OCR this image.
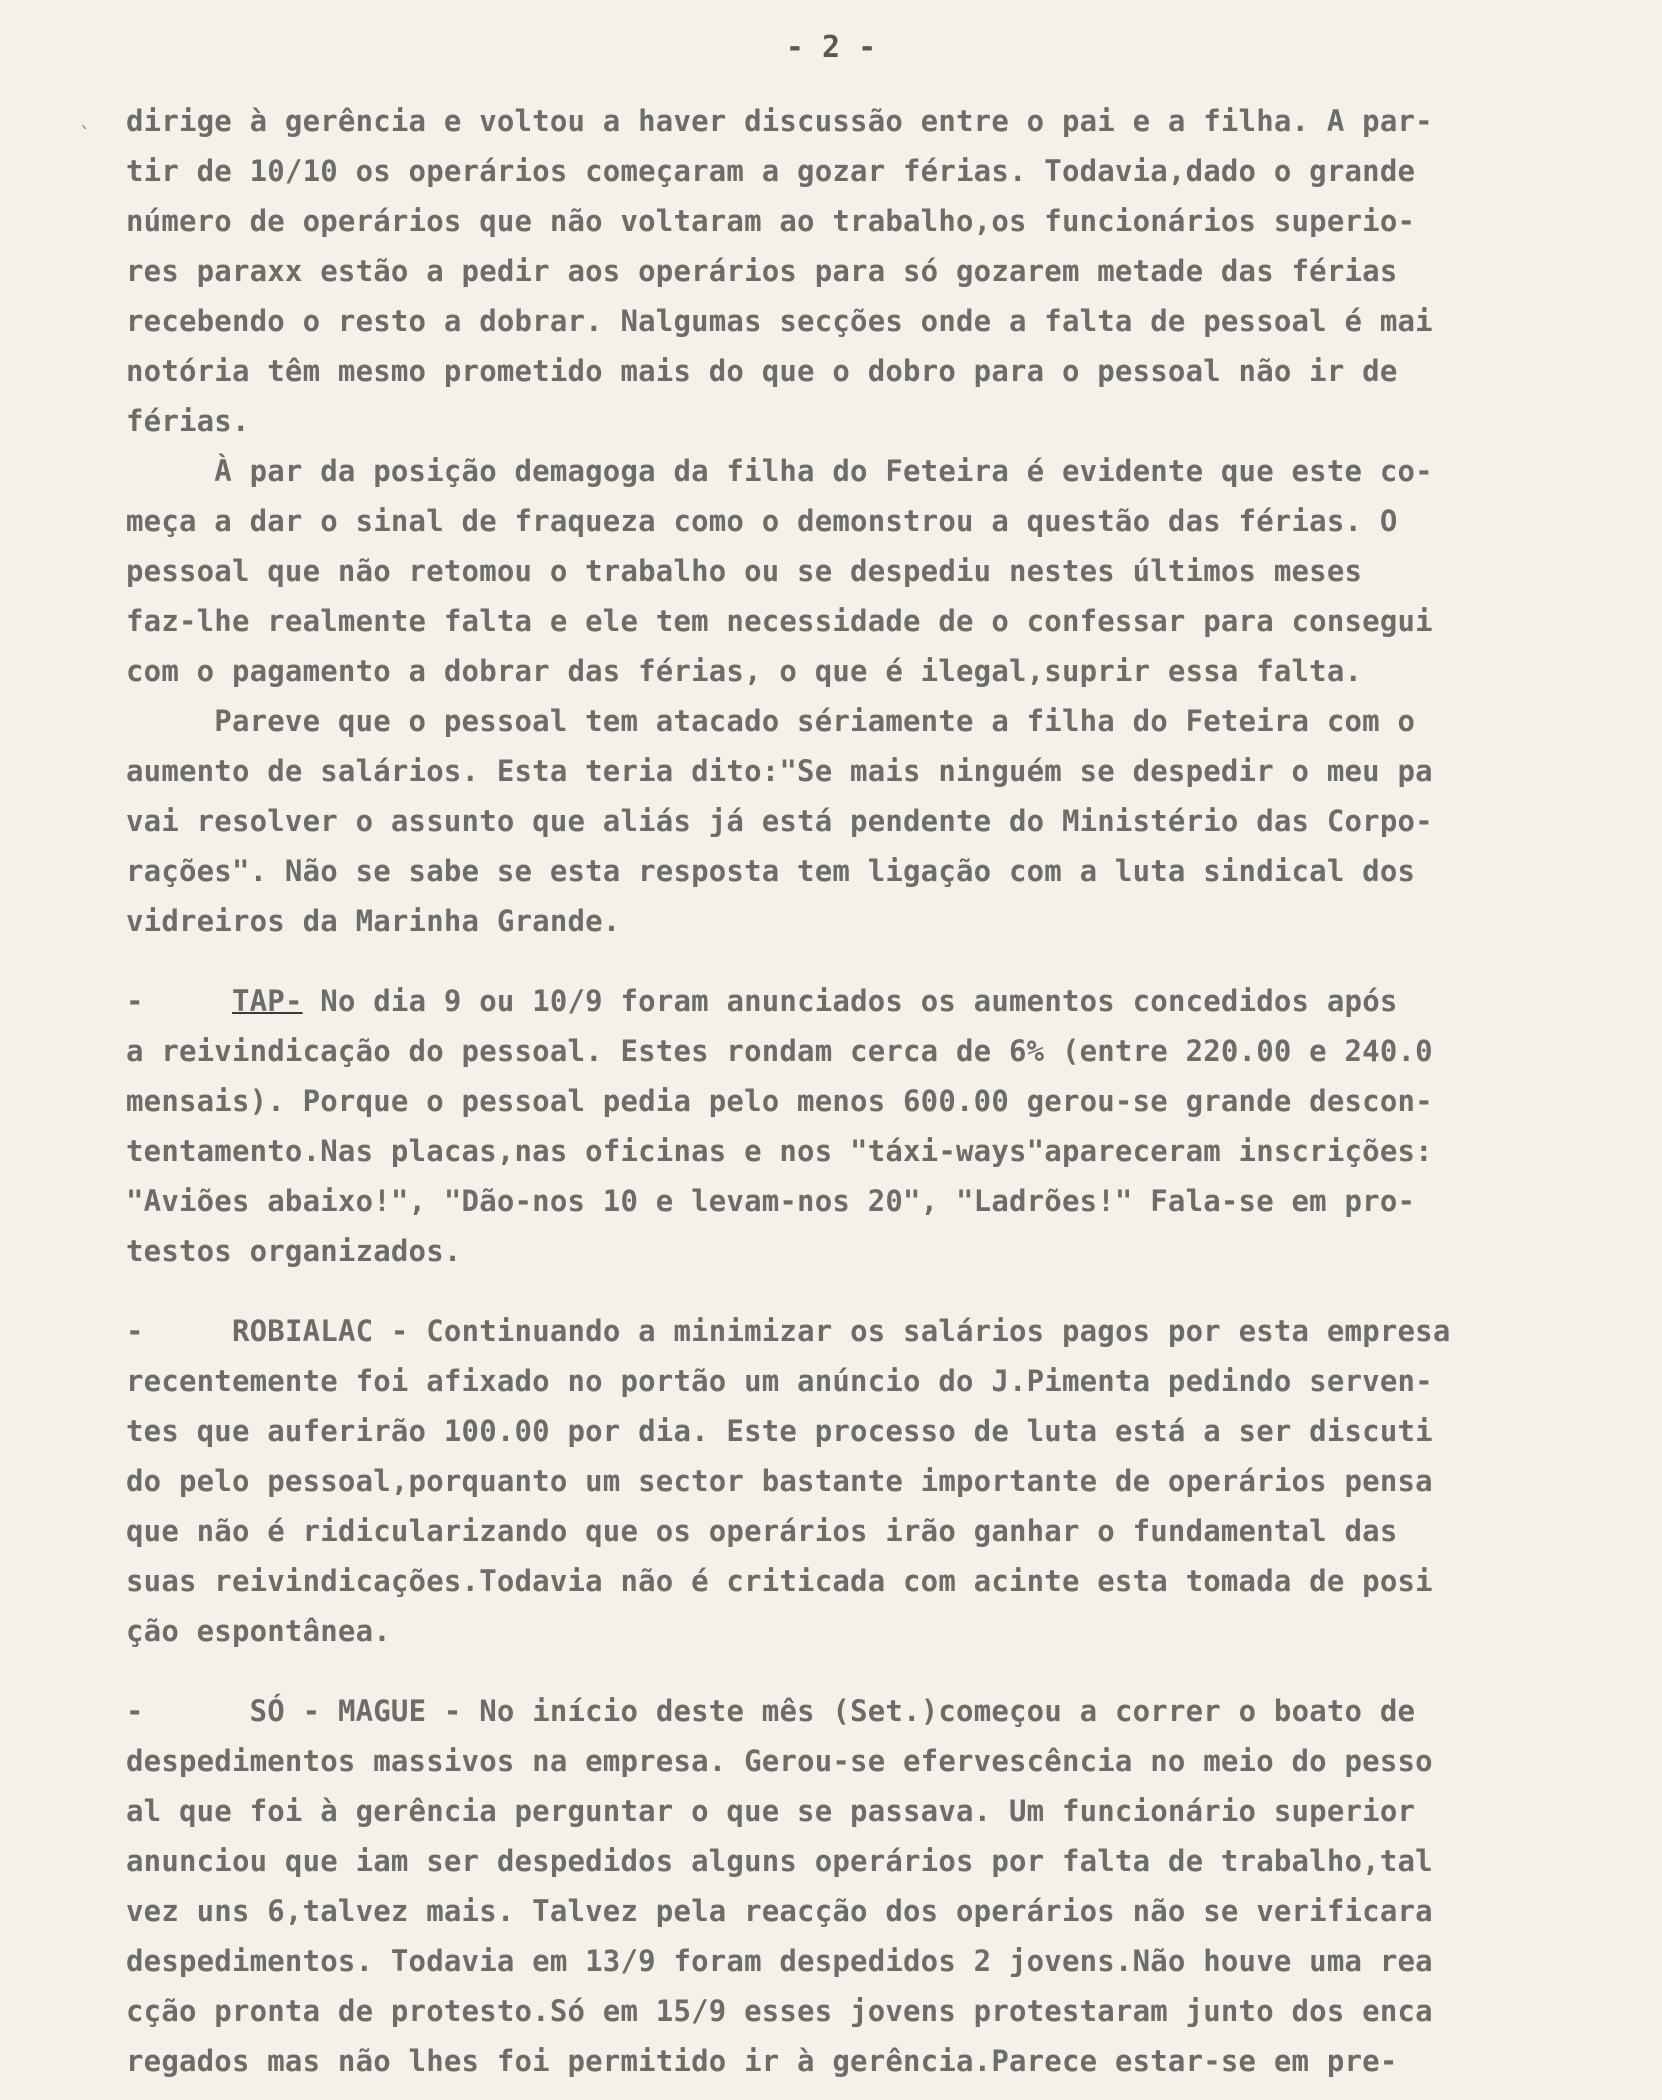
- 2 -
ˎ dirige à gerência e voltou a haver discussão entre o pai e a filha. A par-
tir de 10/10 os operários começaram a gozar férias. Todavia,dado o grande
número de operários que não voltaram ao trabalho,os funcionários superio-
res paraxx estão a pedir aos operários para só gozarem metade das férias
recebendo o resto a dobrar. Nalgumas secções onde a falta de pessoal é mai
notória têm mesmo prometido mais do que o dobro para o pessoal não ir de
férias.
À par da posição demagoga da filha do Feteira é evidente que este co-
meça a dar o sinal de fraqueza como o demonstrou a questão das férias. O
pessoal que não retomou o trabalho ou se despediu nestes últimos meses
faz-lhe realmente falta e ele tem necessidade de o confessar para consegui
com o pagamento a dobrar das férias, o que é ilegal,suprir essa falta.
Pareve que o pessoal tem atacado sériamente a filha do Feteira com o
aumento de salários. Esta teria dito:"Se mais ninguém se despedir o meu pa
vai resolver o assunto que aliás já está pendente do Ministério das Corpo-
rações". Não se sabe se esta resposta tem ligação com a luta sindical dos
vidreiros da Marinha Grande.
-	TAP- No dia 9 ou 10/9 foram anunciados os aumentos concedidos após
a reivindicação do pessoal. Estes rondam cerca de 6% (entre 220.00 e 240.0
mensais). Porque o pessoal pedia pelo menos 600.00 gerou-se grande descon-
tentamento.Nas placas,nas oficinas e nos "táxi-ways"apareceram inscrições:
"Aviões abaixo!", "Dão-nos 10 e levam-nos 20", "Ladrões!" Fala-se em pro-
testos organizados.
-	ROBIALAC - Continuando a minimizar os salários pagos por esta empresa
recentemente foi afixado no portão um anúncio do J.Pimenta pedindo serven-
tes que auferirão 100.00 por dia. Este processo de luta está a ser discuti
do pelo pessoal,porquanto um sector bastante importante de operários pensa
que não é ridicularizando que os operários irão ganhar o fundamental das
suas reivindicações.Todavia não é criticada com acinte esta tomada de posi
ção espontânea.
-	SÓ - MAGUE - No início deste mês (Set.)começou a correr o boato de
despedimentos massivos na empresa. Gerou-se efervescência no meio do pesso
al que foi à gerência perguntar o que se passava. Um funcionário superior
anunciou que iam ser despedidos alguns operários por falta de trabalho,tal
vez uns 6,talvez mais. Talvez pela reacção dos operários não se verificara
despedimentos. Todavia em 13/9 foram despedidos 2 jovens.Não houve uma rea
cção pronta de protesto.Só em 15/9 esses jovens protestaram junto dos enca
regados mas não lhes foi permitido ir à gerência.Parece estar-se em pre-
